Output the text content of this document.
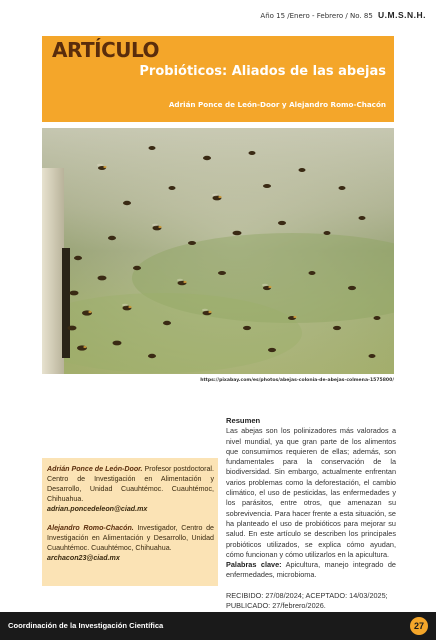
Año 15 /Enero - Febrero / No. 85 U.M.S.N.H.
ARTÍCULO
Probióticos: Aliados de las abejas
Adrián Ponce de León-Door y Alejandro Romo-Chacón
https://pixabay.com/es/photos/abejas-colonia-de-abejas-colmena-1575800/
Resumen
Las abejas son los polinizadores más valorados a nivel mundial, ya que gran parte de los alimentos que consumimos requieren de ellas; además, son fundamentales para la conservación de la biodiversidad. Sin embargo, actualmente enfrentan varios problemas como la deforestación, el cambio climático, el uso de pesticidas, las enfermedades y los parásitos, entre otros, que amenazan su sobrevivencia. Para hacer frente a esta situación, se ha planteado el uso de probióticos para mejorar su salud. En este artículo se describen los principales probióticos utilizados, se explica cómo ayudan, cómo funcionan y cómo utilizarlos en la apicultura.
Palabras clave: Apicultura, manejo integrado de enfermedades, microbioma.
RECIBIDO: 27/08/2024; ACEPTADO: 14/03/2025;
PUBLICADO: 27/febrero/2026.

Adrián Ponce de León-Door. Profesor postdoctoral. Centro de Investigación en Alimentación y Desarrollo, Unidad Cuauhtémoc. Cuauhtémoc, Chihuahua.
adrian.poncedeleon@ciad.mx

Alejandro Romo-Chacón. Investigador, Centro de Investigación en Alimentación y Desarrollo, Unidad Cuauhtémoc. Cuauhtémoc, Chihuahua.
archacon23@ciad.mx

Coordinación de la Investigación Científica	27
